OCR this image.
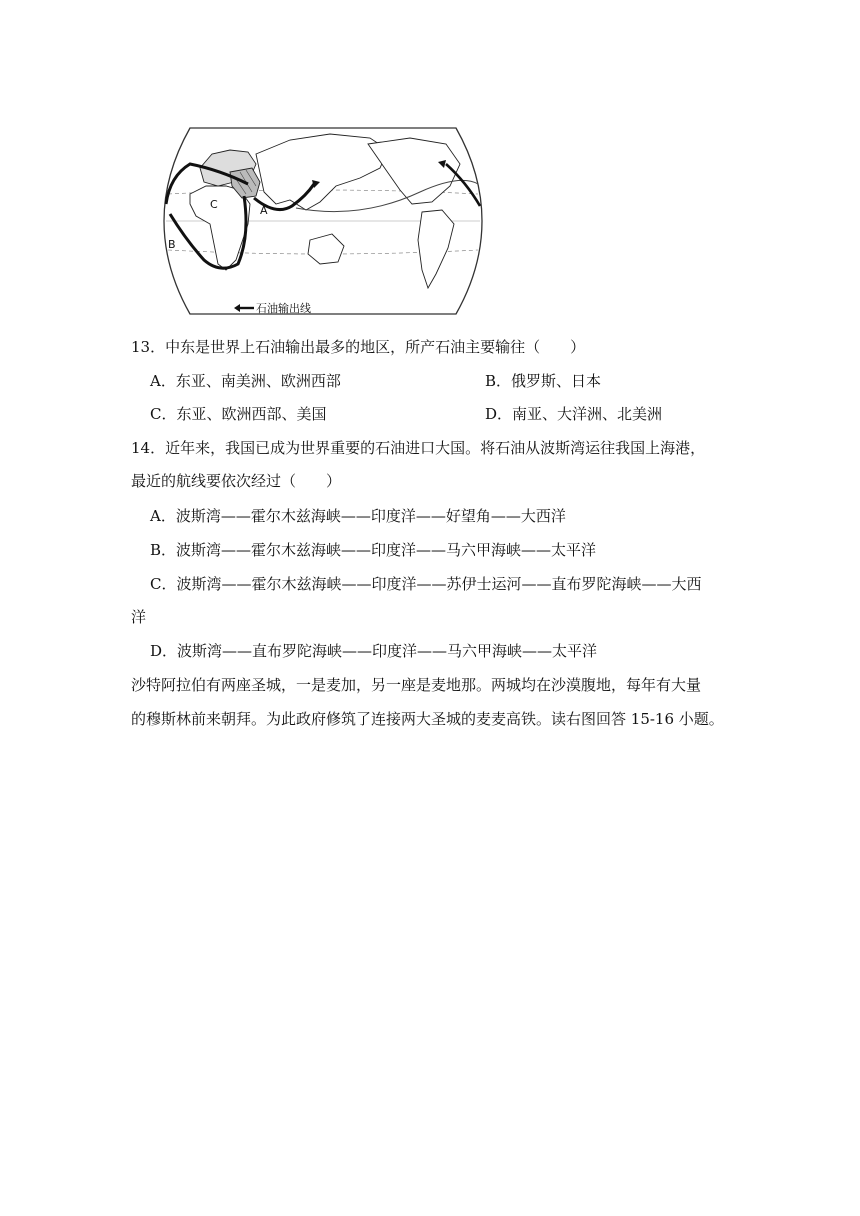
A
B
C
石油输出线
13．中东是世界上石油输出最多的地区，所产石油主要输往（　　）
A．东亚、南美洲、欧洲西部	B．俄罗斯、日本
C．东亚、欧洲西部、美国	D．南亚、大洋洲、北美洲
14．近年来，我国已成为世界重要的石油进口大国。将石油从波斯湾运往我国上海港，
最近的航线要依次经过（　　）
A．波斯湾——霍尔木兹海峡——印度洋——好望角——大西洋
B．波斯湾——霍尔木兹海峡——印度洋——马六甲海峡——太平洋
C．波斯湾——霍尔木兹海峡——印度洋——苏伊士运河——直布罗陀海峡——大西
洋
D．波斯湾——直布罗陀海峡——印度洋——马六甲海峡——太平洋
沙特阿拉伯有两座圣城，一是麦加，另一座是麦地那。两城均在沙漠腹地，每年有大量
的穆斯林前来朝拜。为此政府修筑了连接两大圣城的麦麦高铁。读右图回答 15-16 小题。
